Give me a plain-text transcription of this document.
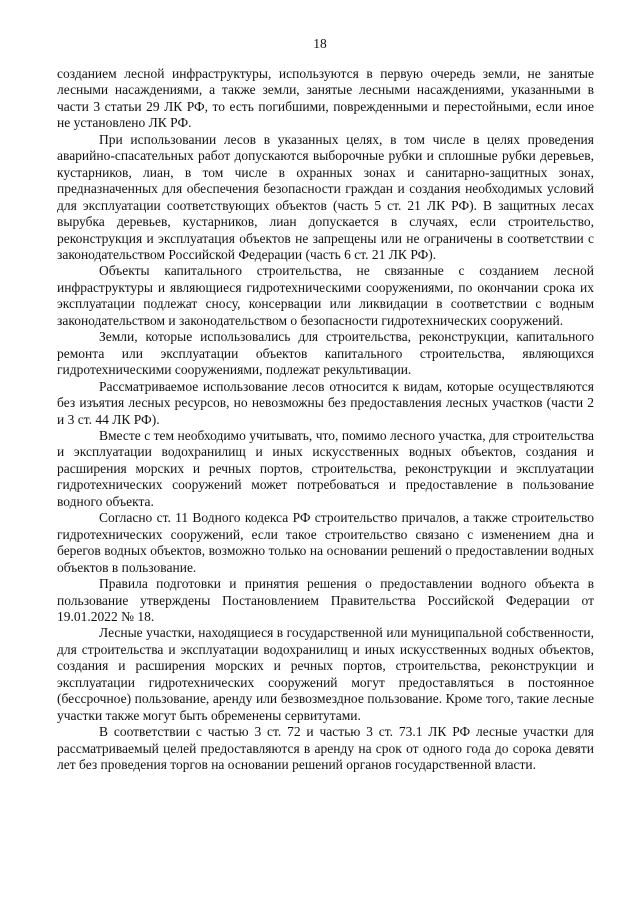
18

созданием лесной инфраструктуры, используются в первую очередь земли, не занятые лесными насаждениями, а также земли, занятые лесными насаждениями, указанными в части 3 статьи 29 ЛК РФ, то есть погибшими, поврежденными и перестойными, если иное не установлено ЛК РФ.

При использовании лесов в указанных целях, в том числе в целях проведения аварийно-спасательных работ допускаются выборочные рубки и сплошные рубки деревьев, кустарников, лиан, в том числе в охранных зонах и санитарно-защитных зонах, предназначенных для обеспечения безопасности граждан и создания необходимых условий для эксплуатации соответствующих объектов (часть 5 ст. 21 ЛК РФ). В защитных лесах вырубка деревьев, кустарников, лиан допускается в случаях, если строительство, реконструкция и эксплуатация объектов не запрещены или не ограничены в соответствии с законодательством Российской Федерации (часть 6 ст. 21 ЛК РФ).

Объекты капитального строительства, не связанные с созданием лесной инфраструктуры и являющиеся гидротехническими сооружениями, по окончании срока их эксплуатации подлежат сносу, консервации или ликвидации в соответствии с водным законодательством и законодательством о безопасности гидротехнических сооружений.

Земли, которые использовались для строительства, реконструкции, капитального ремонта или эксплуатации объектов капитального строительства, являющихся гидротехническими сооружениями, подлежат рекультивации.

Рассматриваемое использование лесов относится к видам, которые осуществляются без изъятия лесных ресурсов, но невозможны без предоставления лесных участков (части 2 и 3 ст. 44 ЛК РФ).

Вместе с тем необходимо учитывать, что, помимо лесного участка, для строительства и эксплуатации водохранилищ и иных искусственных водных объектов, создания и расширения морских и речных портов, строительства, реконструкции и эксплуатации гидротехнических сооружений может потребоваться и предоставление в пользование водного объекта.

Согласно ст. 11 Водного кодекса РФ строительство причалов, а также строительство гидротехнических сооружений, если такое строительство связано с изменением дна и берегов водных объектов, возможно только на основании решений о предоставлении водных объектов в пользование.

Правила подготовки и принятия решения о предоставлении водного объекта в пользование утверждены Постановлением Правительства Российской Федерации от 19.01.2022 № 18.

Лесные участки, находящиеся в государственной или муниципальной собственности, для строительства и эксплуатации водохранилищ и иных искусственных водных объектов, создания и расширения морских и речных портов, строительства, реконструкции и эксплуатации гидротехнических сооружений могут предоставляться в постоянное (бессрочное) пользование, аренду или безвозмездное пользование. Кроме того, такие лесные участки также могут быть обременены сервитутами.

В соответствии с частью 3 ст. 72 и частью 3 ст. 73.1 ЛК РФ лесные участки для рассматриваемый целей предоставляются в аренду на срок от одного года до сорока девяти лет без проведения торгов на основании решений органов государственной власти.
